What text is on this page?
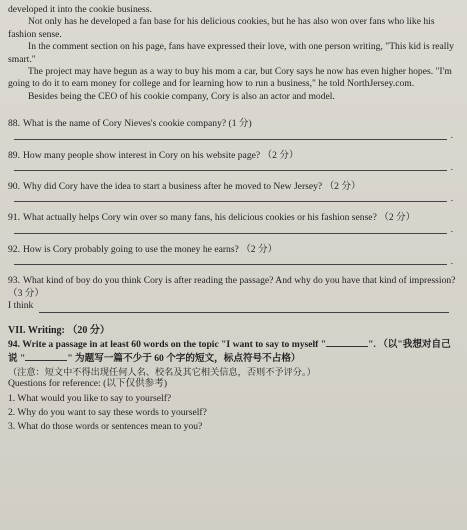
developed it into the cookie business.

Not only has he developed a fan base for his delicious cookies, but he has also won over fans who like his fashion sense.

In the comment section on his page, fans have expressed their love, with one person writing, "This kid is really smart."

The project may have begun as a way to buy his mom a car, but Cory says he now has even higher hopes. "I'm going to do it to earn money for college and for learning how to run a business," he told NorthJersey.com.

Besides being the CEO of his cookie company, Cory is also an actor and model.

88. What is the name of Cory Nieves's cookie company? (1 分)
.
89. How many people show interest in Cory on his website page? （2 分）
.
90. Why did Cory have the idea to start a business after he moved to New Jersey? （2 分）
.
91. What actually helps Cory win over so many fans, his delicious cookies or his fashion sense? （2 分）
.
92. How is Cory probably going to use the money he earns? （2 分）
.
93. What kind of boy do you think Cory is after reading the passage? And why do you have that kind of impression? （3 分）
I think
VII. Writing: （20 分）
94. Write a passage in at least 60 words on the topic "I want to say to myself "	". （以"我想对自己说 "	" 为题写一篇不少于 60 个字的短文，标点符号不占格）
（注意：短文中不得出现任何人名、校名及其它相关信息，否则不予评分。）
Questions for reference: (以下仅供参考)
1. What would you like to say to yourself?
2. Why do you want to say these words to yourself?
3. What do those words or sentences mean to you?
